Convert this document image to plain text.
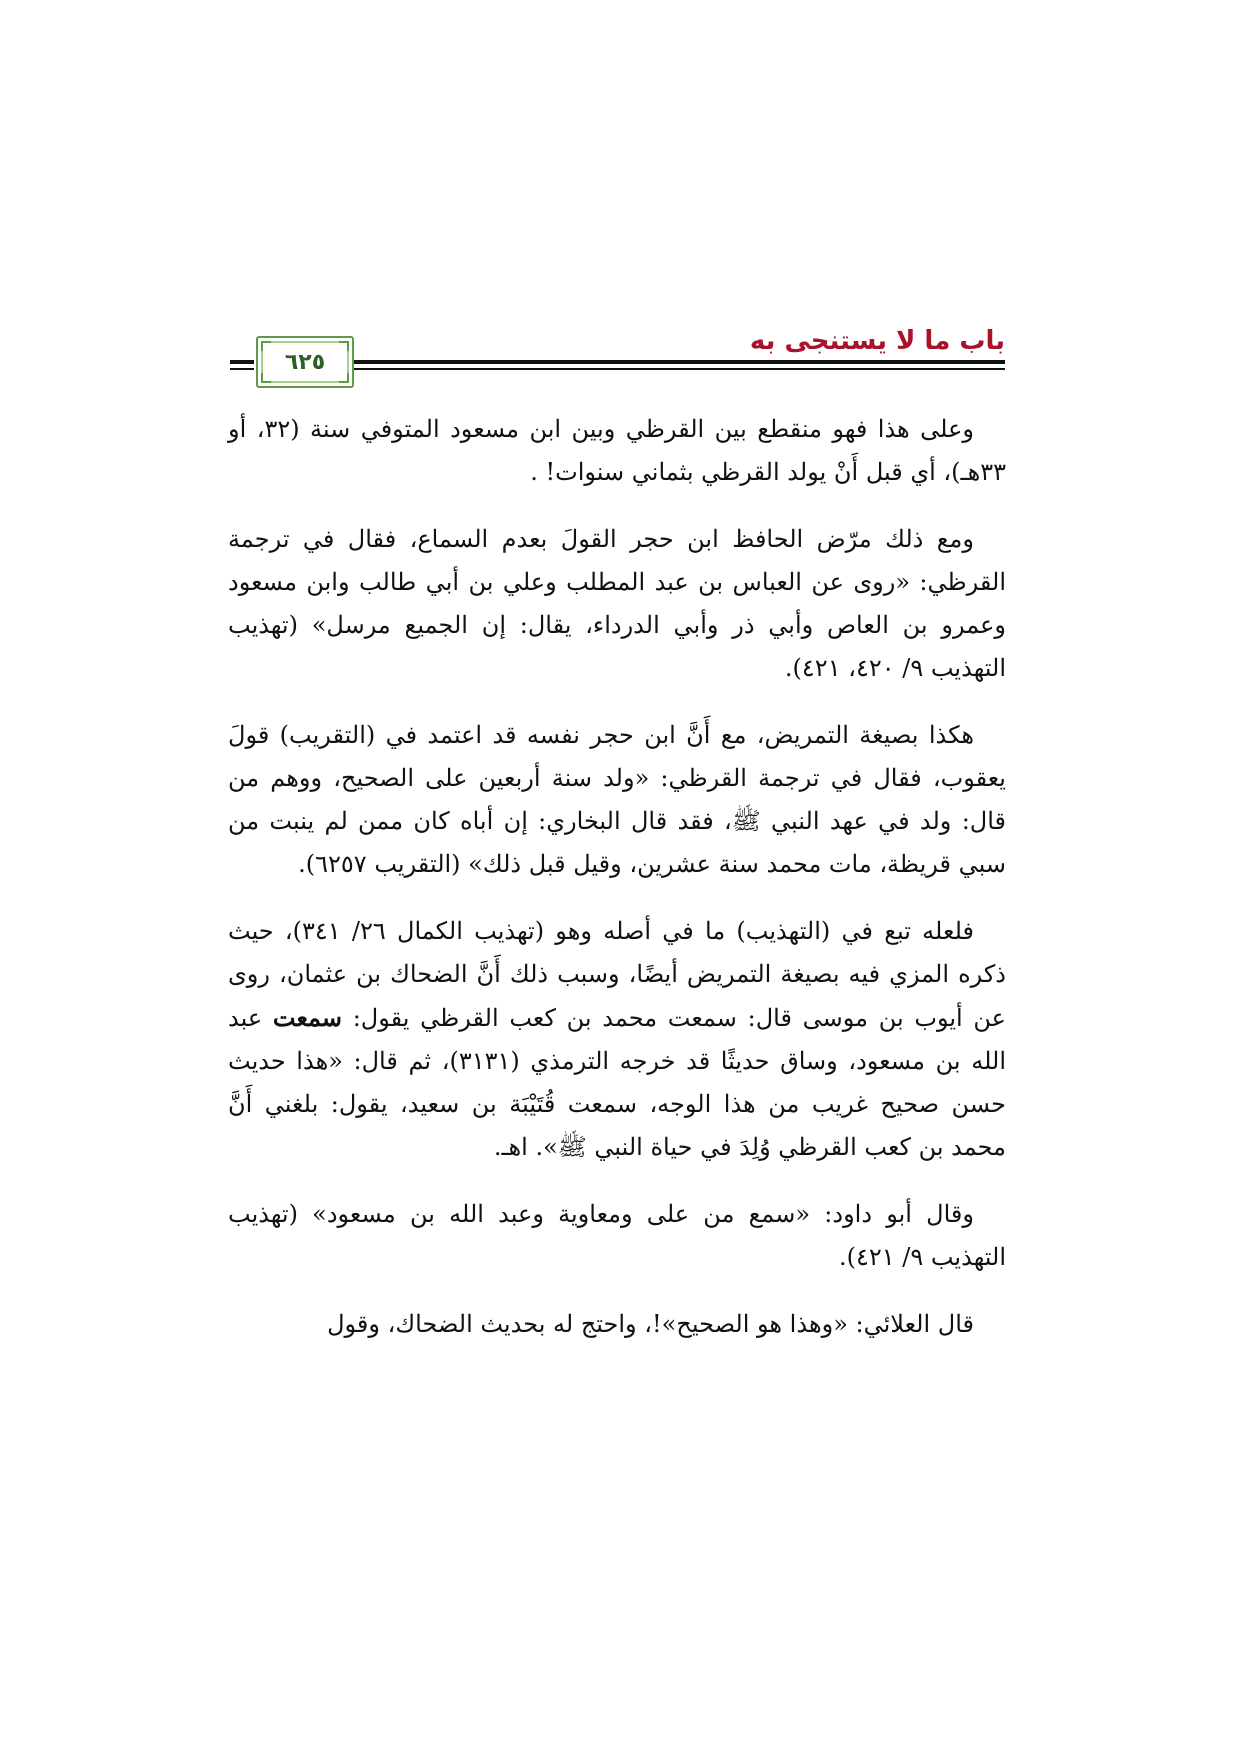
٦٢٥
باب ما لا يستنجى به

وعلى هذا فهو منقطع بين القرظي وبين ابن مسعود المتوفي سنة (٣٢، أو ٣٣هـ)، أي قبل أَنْ يولد القرظي بثماني سنوات! .

ومع ذلك مرّض الحافظ ابن حجر القولَ بعدم السماع، فقال في ترجمة القرظي: «روى عن العباس بن عبد المطلب وعلي بن أبي طالب وابن مسعود وعمرو بن العاص وأبي ذر وأبي الدرداء، يقال: إن الجميع مرسل» (تهذيب التهذيب ٩/ ٤٢٠، ٤٢١).

هكذا بصيغة التمريض، مع أَنَّ ابن حجر نفسه قد اعتمد في (التقريب) قولَ يعقوب، فقال في ترجمة القرظي: «ولد سنة أربعين على الصحيح، ووهم من قال: ولد في عهد النبي ﷺ، فقد قال البخاري: إن أباه كان ممن لم ينبت من سبي قريظة، مات محمد سنة عشرين، وقيل قبل ذلك» (التقريب ٦٢٥٧).

فلعله تبع في (التهذيب) ما في أصله وهو (تهذيب الكمال ٢٦/ ٣٤١)، حيث ذكره المزي فيه بصيغة التمريض أيضًا، وسبب ذلك أَنَّ الضحاك بن عثمان، روى عن أيوب بن موسى قال: سمعت محمد بن كعب القرظي يقول: سمعت عبد الله بن مسعود، وساق حديثًا قد خرجه الترمذي (٣١٣١)، ثم قال: «هذا حديث حسن صحيح غريب من هذا الوجه، سمعت قُتَيْبَة بن سعيد، يقول: بلغني أَنَّ محمد بن كعب القرظي وُلِدَ في حياة النبي ﷺ». اهـ.

وقال أبو داود: «سمع من على ومعاوية وعبد الله بن مسعود» (تهذيب التهذيب ٩/ ٤٢١).

قال العلائي: «وهذا هو الصحيح»!، واحتج له بحديث الضحاك، وقول
